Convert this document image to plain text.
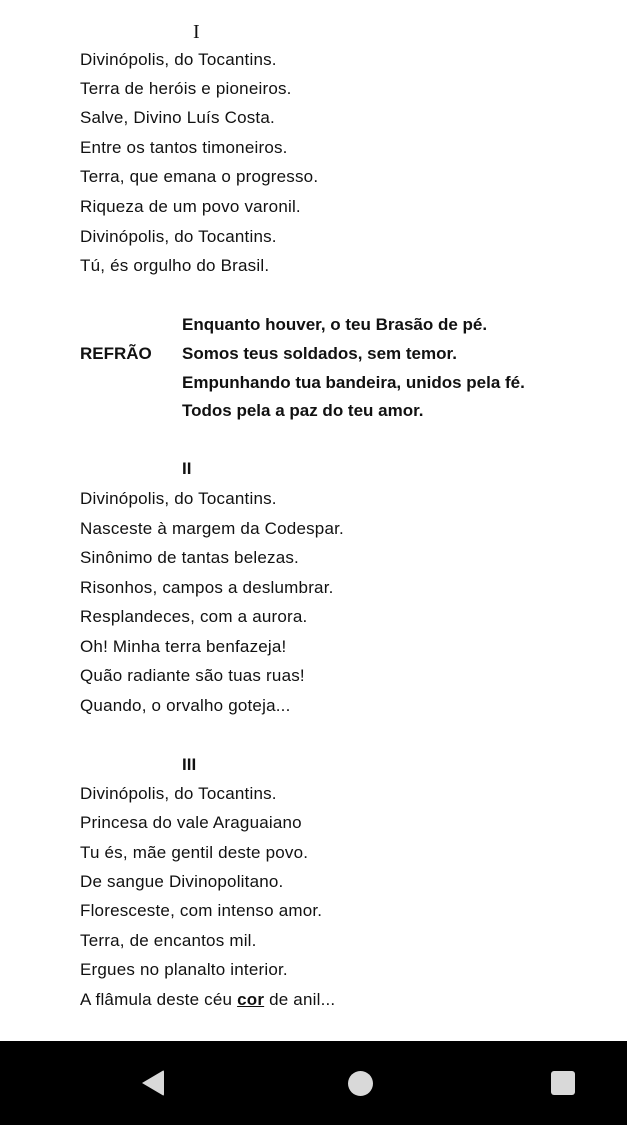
I
Divinópolis, do Tocantins.
Terra de heróis e pioneiros.
Salve, Divino Luís Costa.
Entre os tantos timoneiros.
Terra, que emana o progresso.
Riqueza de um povo varonil.
Divinópolis, do Tocantins.
Tú, és orgulho do Brasil.
Enquanto houver, o teu Brasão de pé.
REFRÃO Somos teus soldados, sem temor.
Empunhando tua bandeira, unidos pela fé.
Todos pela a paz do teu amor.
II
Divinópolis, do Tocantins.
Nasceste à margem da Codespar.
Sinônimo de tantas belezas.
Risonhos, campos a deslumbrar.
Resplandeces, com a aurora.
Oh! Minha terra benfazeja!
Quão radiante são tuas ruas!
Quando, o orvalho goteja...
III
Divinópolis, do Tocantins.
Princesa do vale Araguaiano
Tu és, mãe gentil deste povo.
De sangue Divinopolitano.
Floresceste, com intenso amor.
Terra, de encantos mil.
Ergues no planalto interior.
A flâmula deste céu cor de anil...
